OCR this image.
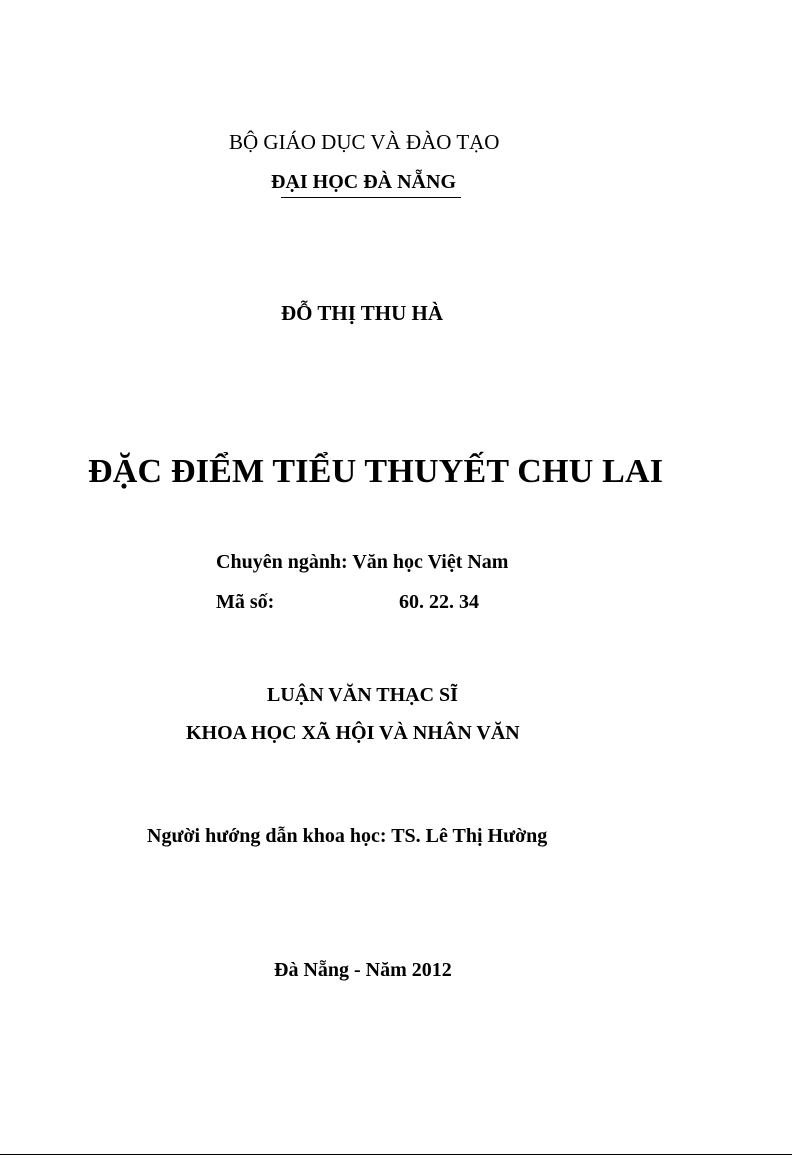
BỘ GIÁO DỤC VÀ ĐÀO TẠO
ĐẠI HỌC ĐÀ NẴNG
ĐỖ THỊ THU HÀ
ĐẶC ĐIỂM TIỂU THUYẾT CHU LAI
Chuyên ngành: Văn học Việt Nam
Mã số:	60. 22. 34
LUẬN VĂN THẠC SĨ
KHOA HỌC XÃ HỘI VÀ NHÂN VĂN
Người hướng dẫn khoa học: TS. Lê Thị Hường
Đà Nẵng - Năm 2012
